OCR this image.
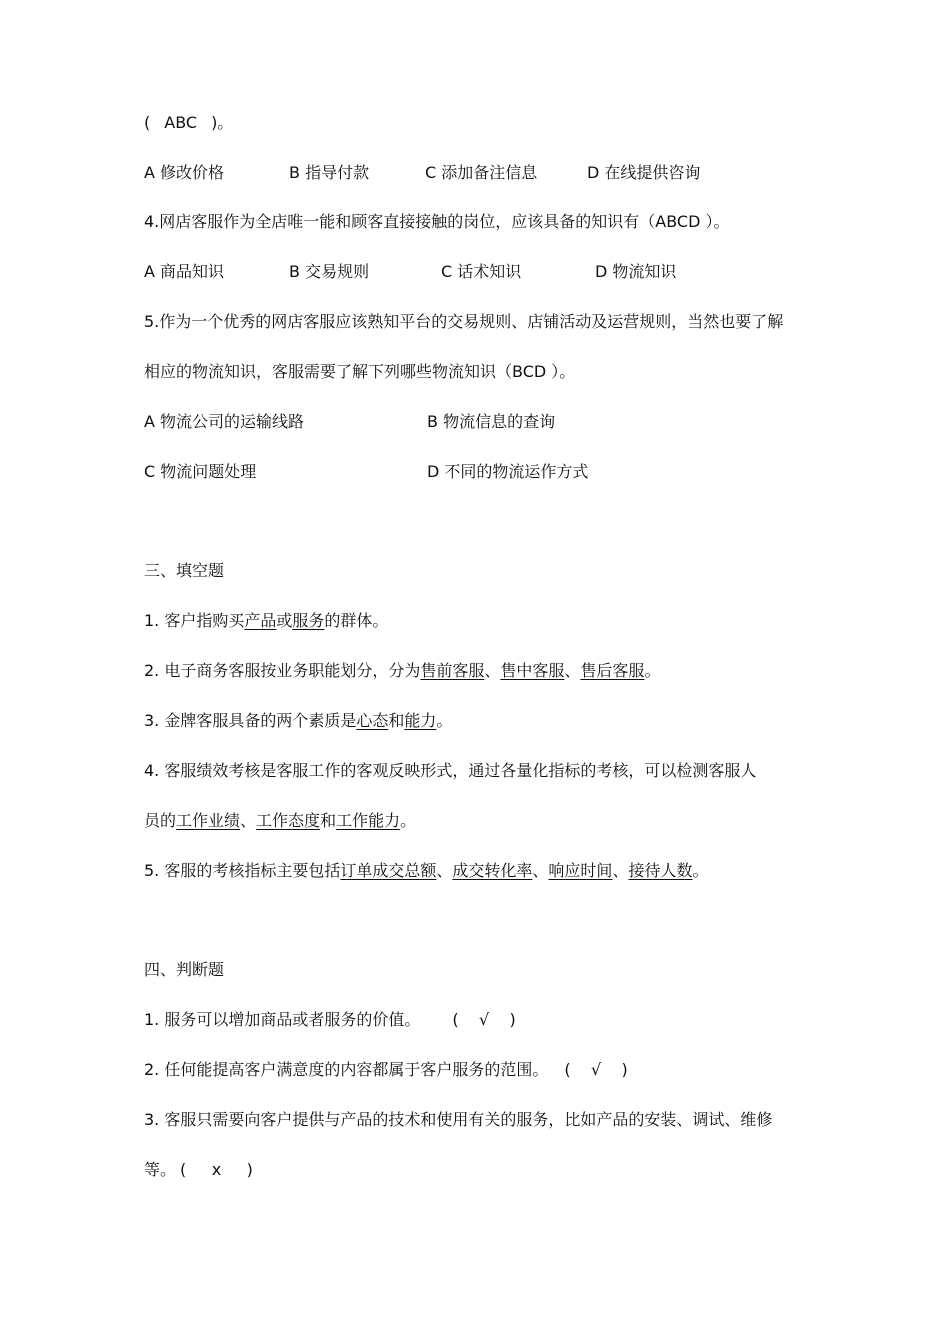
( ABC )。
A 修改价格	B 指导付款	C 添加备注信息	D 在线提供咨询
4.网店客服作为全店唯一能和顾客直接接触的岗位，应该具备的知识有（ABCD ）。
A 商品知识	B 交易规则	C 话术知识	D 物流知识
5.作为一个优秀的网店客服应该熟知平台的交易规则、店铺活动及运营规则，当然也要了解
相应的物流知识，客服需要了解下列哪些物流知识（BCD ）。
A 物流公司的运输线路	B 物流信息的查询
C 物流问题处理	D 不同的物流运作方式
三、填空题
1. 客户指购买产品或服务的群体。
2. 电子商务客服按业务职能划分，分为售前客服、售中客服、售后客服。
3. 金牌客服具备的两个素质是心态和能力。
4. 客服绩效考核是客服工作的客观反映形式，通过各量化指标的考核，可以检测客服人
员的工作业绩、工作态度和工作能力。
5. 客服的考核指标主要包括订单成交总额、成交转化率、响应时间、接待人数。
四、判断题
1. 服务可以增加商品或者服务的价值。 (    √    )
2. 任何能提高客户满意度的内容都属于客户服务的范围。 (    √    )
3. 客服只需要向客户提供与产品的技术和使用有关的服务，比如产品的安装、调试、维修
等。 (     x     )
